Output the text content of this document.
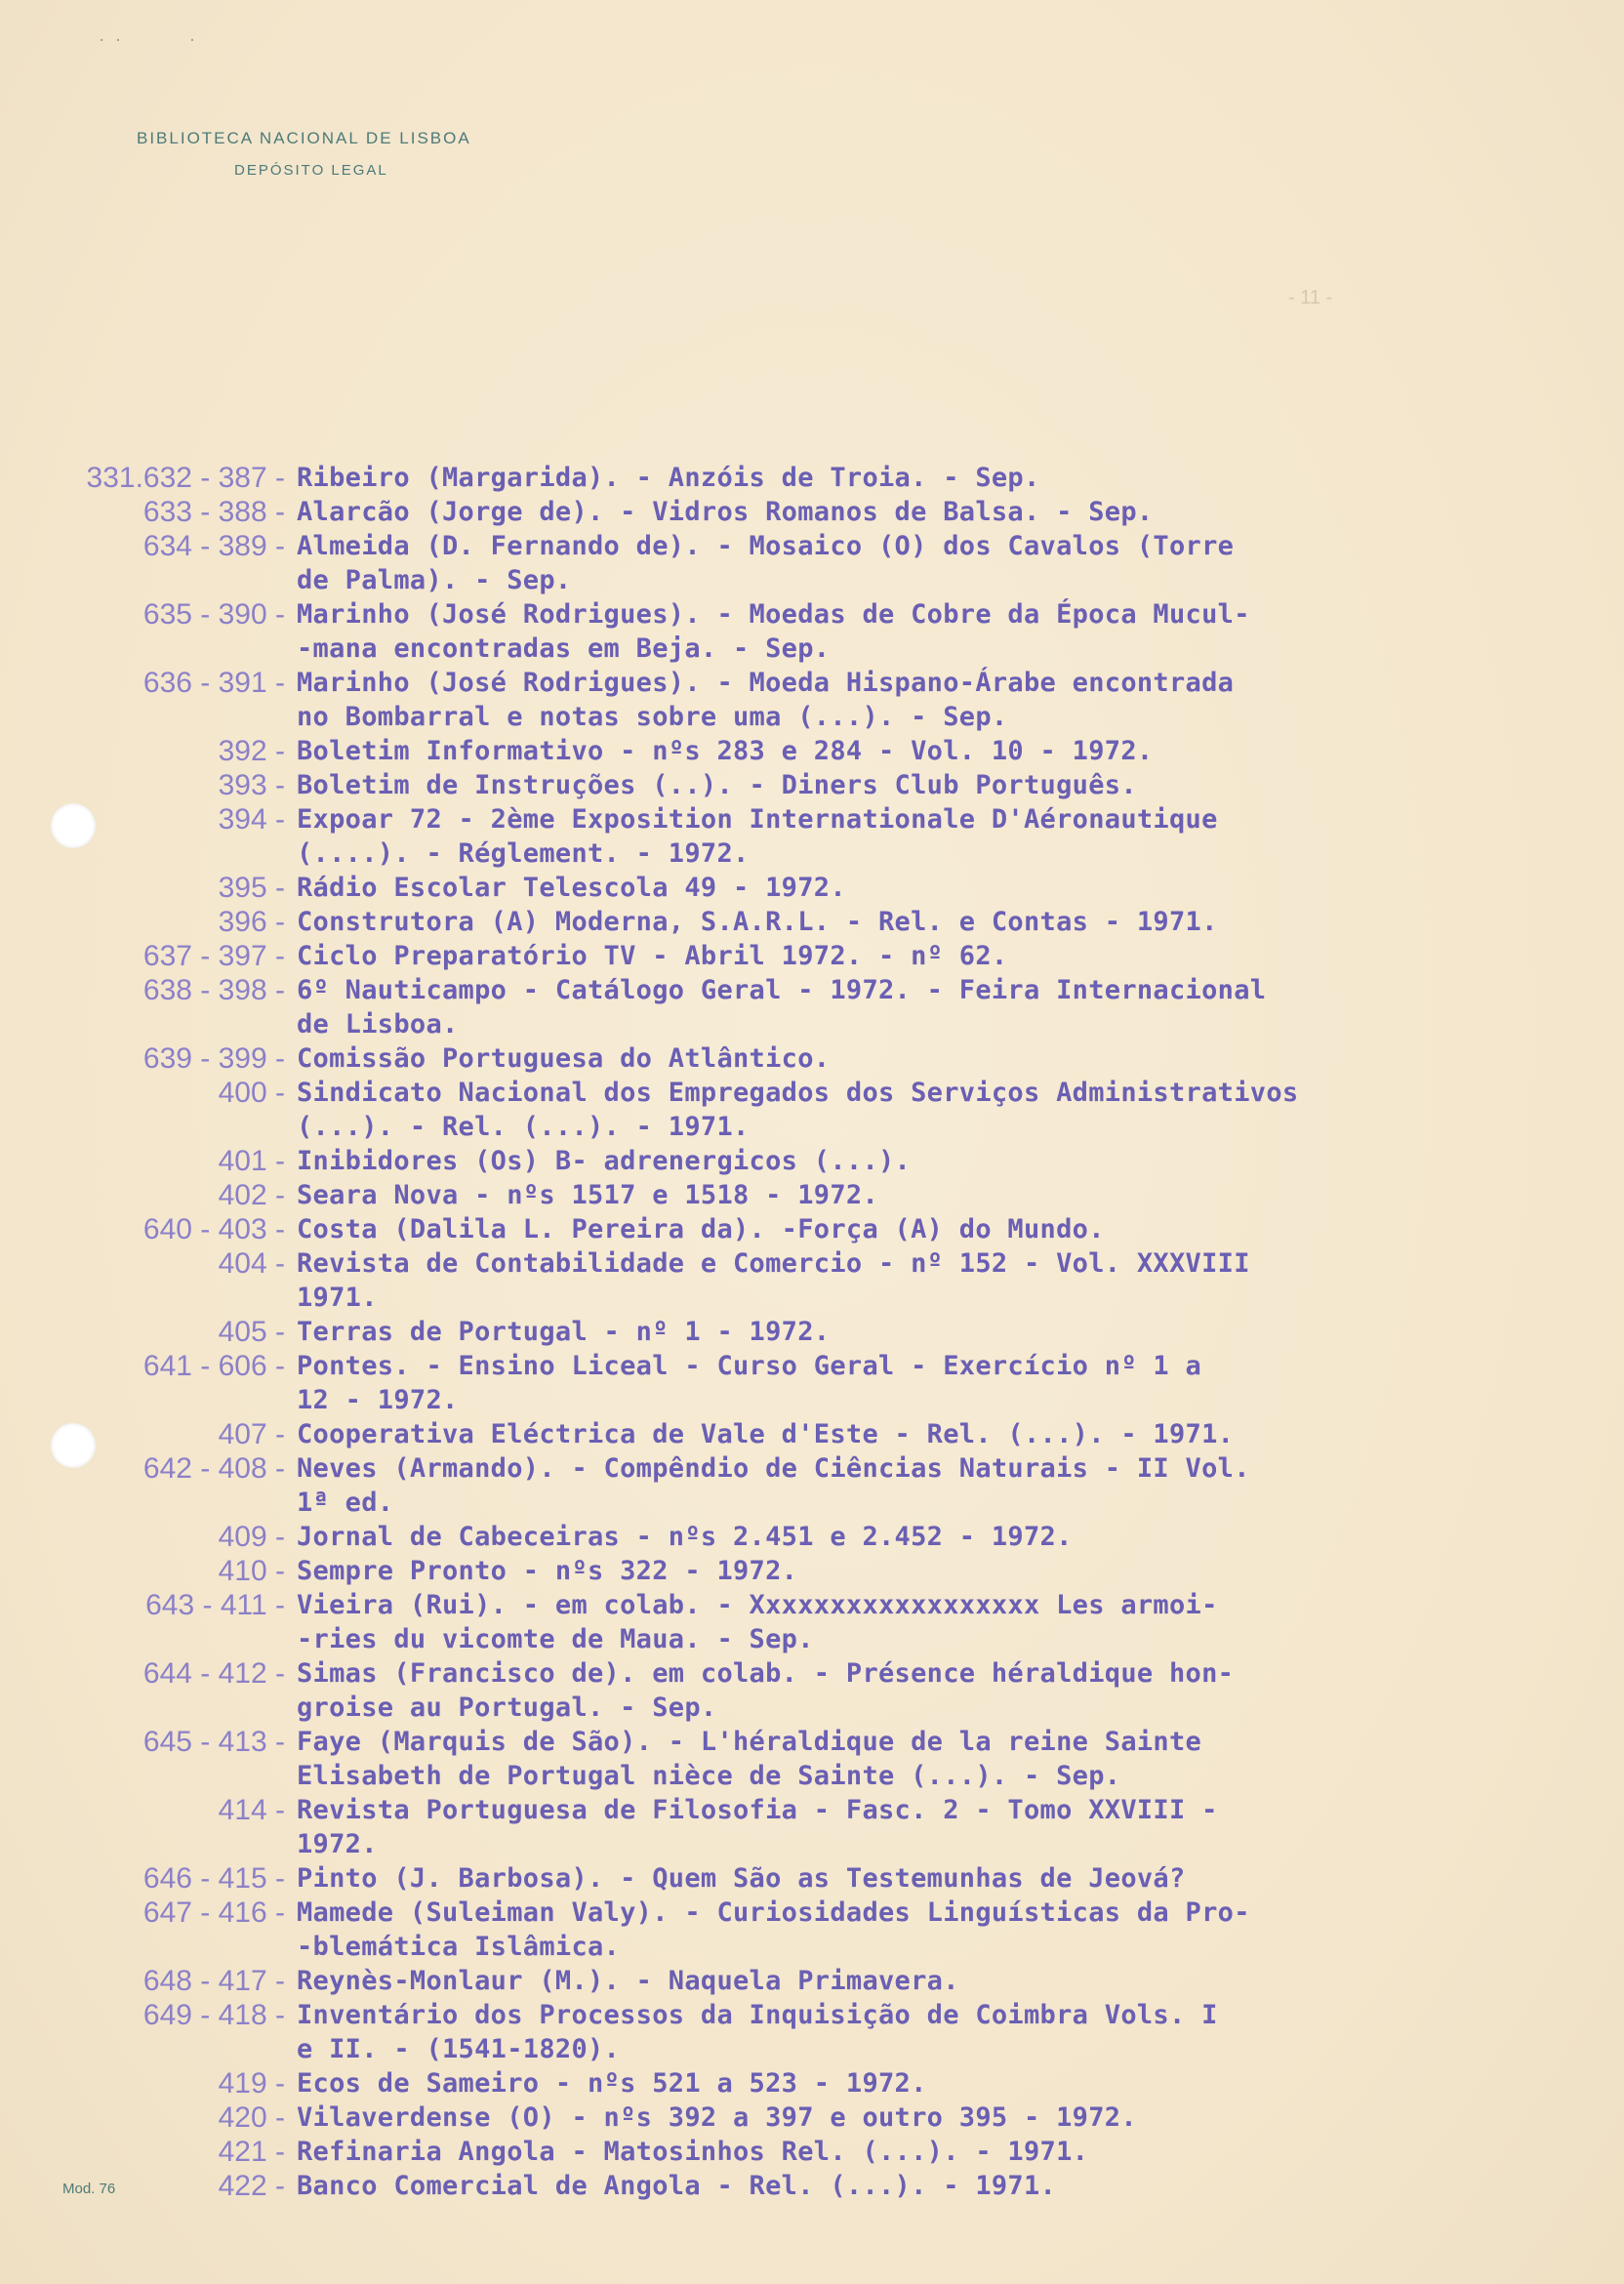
· ·        ·
BIBLIOTECA NACIONAL DE LISBOA
DEPÓSITO LEGAL
- 11 -
331.632 - 387 - Ribeiro (Margarida). - Anzóis de Troia. - Sep.
633 - 388 - Alarcão (Jorge de). - Vidros Romanos de Balsa. - Sep.
634 - 389 - Almeida (D. Fernando de). - Mosaico (O) dos Cavalos (Torre
de Palma). - Sep.
635 - 390 - Marinho (José Rodrigues). - Moedas de Cobre da Época Mucul-
-mana encontradas em Beja. - Sep.
636 - 391 - Marinho (José Rodrigues). - Moeda Hispano-Árabe encontrada
no Bombarral e notas sobre uma (...). - Sep.
392 - Boletim Informativo - nºs 283 e 284 - Vol. 10 - 1972.
393 - Boletim de Instruções (..). - Diners Club Português.
394 - Expoar 72 - 2ème Exposition Internationale D'Aéronautique
(....). - Réglement. - 1972.
395 - Rádio Escolar Telescola 49 - 1972.
396 - Construtora (A) Moderna, S.A.R.L. - Rel. e Contas - 1971.
637 - 397 - Ciclo Preparatório TV - Abril 1972. - nº 62.
638 - 398 - 6º Nauticampo - Catálogo Geral - 1972. - Feira Internacional
de Lisboa.
639 - 399 - Comissão Portuguesa do Atlântico.
400 - Sindicato Nacional dos Empregados dos Serviços Administrativos
(...). - Rel. (...). - 1971.
401 - Inibidores (Os) B- adrenergicos (...).
402 - Seara Nova - nºs 1517 e 1518 - 1972.
640 - 403 - Costa (Dalila L. Pereira da). -Força (A) do Mundo.
404 - Revista de Contabilidade e Comercio - nº 152 - Vol. XXXVIII
1971.
405 - Terras de Portugal - nº 1 - 1972.
641 - 606 - Pontes. - Ensino Liceal - Curso Geral - Exercício nº 1 a
12 - 1972.
407 - Cooperativa Eléctrica de Vale d'Este - Rel. (...). - 1971.
642 - 408 - Neves (Armando). - Compêndio de Ciências Naturais - II Vol.
1ª ed.
409 - Jornal de Cabeceiras - nºs 2.451 e 2.452 - 1972.
410 - Sempre Pronto - nºs 322 - 1972.
643 - 411 - Vieira (Rui). - em colab. - Xxxxxxxxxxxxxxxxxx Les armoi-
-ries du vicomte de Maua. - Sep.
644 - 412 - Simas (Francisco de). em colab. - Présence héraldique hon-
groise au Portugal. - Sep.
645 - 413 - Faye (Marquis de São). - L'héraldique de la reine Sainte
Elisabeth de Portugal nièce de Sainte (...). - Sep.
414 - Revista Portuguesa de Filosofia - Fasc. 2 - Tomo XXVIII -
1972.
646 - 415 - Pinto (J. Barbosa). - Quem São as Testemunhas de Jeová?
647 - 416 - Mamede (Suleiman Valy). - Curiosidades Linguísticas da Pro-
-blemática Islâmica.
648 - 417 - Reynès-Monlaur (M.). - Naquela Primavera.
649 - 418 - Inventário dos Processos da Inquisição de Coimbra Vols. I
e II. - (1541-1820).
419 - Ecos de Sameiro - nºs 521 a 523 - 1972.
420 - Vilaverdense (O) - nºs 392 a 397 e outro 395 - 1972.
421 - Refinaria Angola - Matosinhos Rel. (...). - 1971.
422 - Banco Comercial de Angola - Rel. (...). - 1971.
Mod. 76
